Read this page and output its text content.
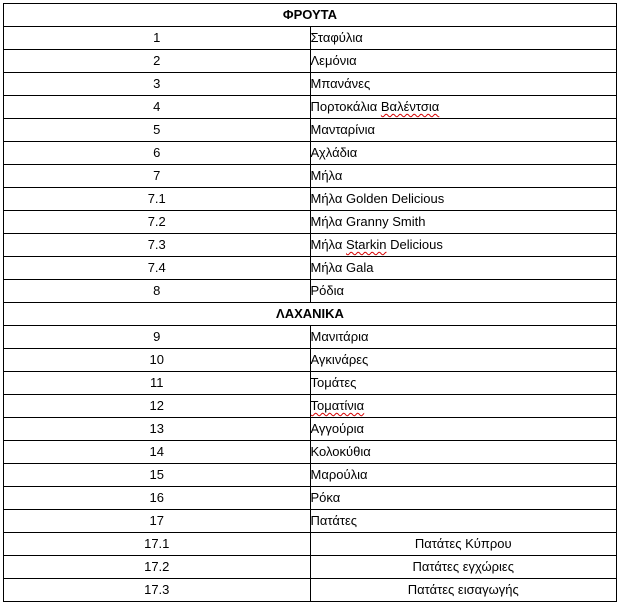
ΦΡΟΥΤΑ	
1	Σταφύλια
2	Λεμόνια
3	Μπανάνες
4	Πορτοκάλια Βαλέντσια
5	Μανταρίνια
6	Αχλάδια
7	Μήλα
7.1	Μήλα Golden Delicious
7.2	Μήλα Granny Smith
7.3	Μήλα Starkin Delicious
7.4	Μήλα Gala
8	Ρόδια
ΛΑΧΑΝΙΚΑ	
9	Μανιτάρια
10	Αγκινάρες
11	Τομάτες
12	Τοματίνια
13	Αγγούρια
14	Κολοκύθια
15	Μαρούλια
16	Ρόκα
17	Πατάτες
17.1	Πατάτες Κύπρου
17.2	Πατάτες εγχώριες
17.3	Πατάτες εισαγωγής
